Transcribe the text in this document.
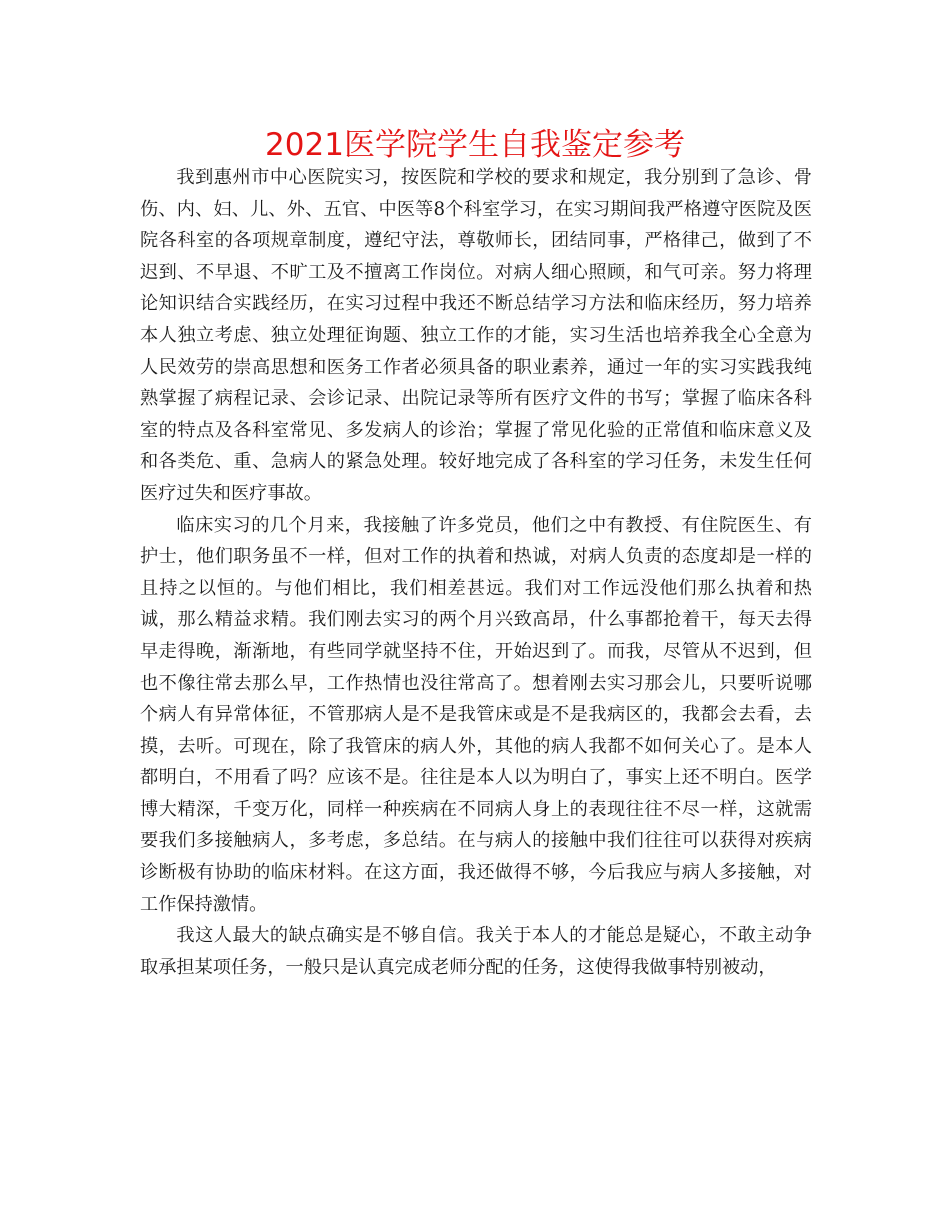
2021医学院学生自我鉴定参考

我到惠州市中心医院实习，按医院和学校的要求和规定，我分别到了急诊、骨伤、内、妇、儿、外、五官、中医等8个科室学习，在实习期间我严格遵守医院及医院各科室的各项规章制度，遵纪守法，尊敬师长，团结同事，严格律己，做到了不迟到、不早退、不旷工及不擅离工作岗位。对病人细心照顾，和气可亲。努力将理论知识结合实践经历，在实习过程中我还不断总结学习方法和临床经历，努力培养本人独立考虑、独立处理征询题、独立工作的才能，实习生活也培养我全心全意为人民效劳的崇高思想和医务工作者必须具备的职业素养，通过一年的实习实践我纯熟掌握了病程记录、会诊记录、出院记录等所有医疗文件的书写；掌握了临床各科室的特点及各科室常见、多发病人的诊治；掌握了常见化验的正常值和临床意义及和各类危、重、急病人的紧急处理。较好地完成了各科室的学习任务，未发生任何医疗过失和医疗事故。

临床实习的几个月来，我接触了许多党员，他们之中有教授、有住院医生、有护士，他们职务虽不一样，但对工作的执着和热诚，对病人负责的态度却是一样的且持之以恒的。与他们相比，我们相差甚远。我们对工作远没他们那么执着和热诚，那么精益求精。我们刚去实习的两个月兴致高昂，什么事都抢着干，每天去得早走得晚，渐渐地，有些同学就坚持不住，开始迟到了。而我，尽管从不迟到，但也不像往常去那么早，工作热情也没往常高了。想着刚去实习那会儿，只要听说哪个病人有异常体征，不管那病人是不是我管床或是不是我病区的，我都会去看，去摸，去听。可现在，除了我管床的病人外，其他的病人我都不如何关心了。是本人都明白，不用看了吗？应该不是。往往是本人以为明白了，事实上还不明白。医学博大精深，千变万化，同样一种疾病在不同病人身上的表现往往不尽一样，这就需要我们多接触病人，多考虑，多总结。在与病人的接触中我们往往可以获得对疾病诊断极有协助的临床材料。在这方面，我还做得不够，今后我应与病人多接触，对工作保持激情。

我这人最大的缺点确实是不够自信。我关于本人的才能总是疑心，不敢主动争取承担某项任务，一般只是认真完成老师分配的任务，这使得我做事特别被动，
